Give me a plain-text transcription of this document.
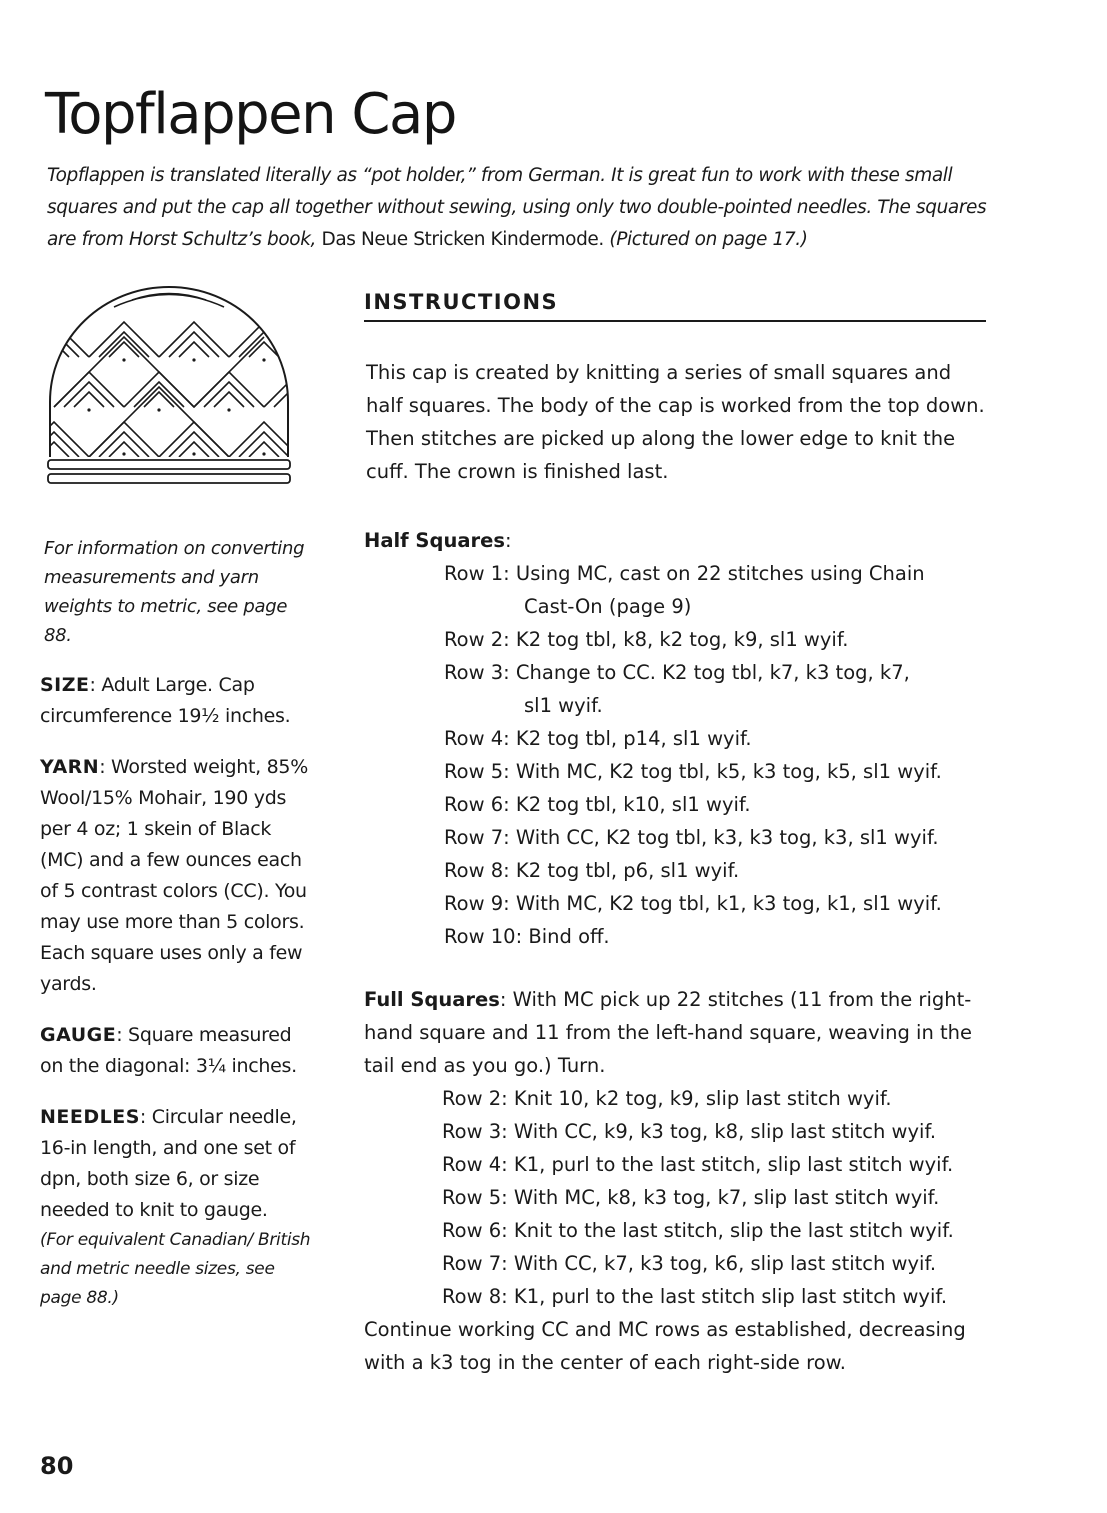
Topflappen Cap
Topflappen is translated literally as “pot holder,” from German. It is great fun to work with these small
squares and put the cap all together without sewing, using only two double-pointed needles. The squares
are from Horst Schultz’s book, Das Neue Stricken Kindermode. (Pictured on page 17.)
For information on converting measurements and yarn weights to metric, see page 88.

SIZE: Adult Large. Cap circumference 19½ inches.

YARN: Worsted weight, 85% Wool/15% Mohair, 190 yds per 4 oz; 1 skein of Black (MC) and a few ounces each of 5 contrast colors (CC). You may use more than 5 colors. Each square uses only a few yards.

GAUGE: Square measured on the diagonal: 3¼ inches.

NEEDLES: Circular needle, 16-in length, and one set of dpn, both size 6, or size needed to knit to gauge.
(For equivalent Canadian/ British and metric needle sizes, see page 88.)

80
INSTRUCTIONS

This cap is created by knitting a series of small squares and half squares. The body of the cap is worked from the top down. Then stitches are picked up along the lower edge to knit the cuff. The crown is finished last.

Half Squares:
Row 1: Using MC, cast on 22 stitches using Chain
Cast-On (page 9)
Row 2: K2 tog tbl, k8, k2 tog, k9, sl1 wyif.
Row 3: Change to CC. K2 tog tbl, k7, k3 tog, k7,
sl1 wyif.
Row 4: K2 tog tbl, p14, sl1 wyif.
Row 5: With MC, K2 tog tbl, k5, k3 tog, k5, sl1 wyif.
Row 6: K2 tog tbl, k10, sl1 wyif.
Row 7: With CC, K2 tog tbl, k3, k3 tog, k3, sl1 wyif.
Row 8: K2 tog tbl, p6, sl1 wyif.
Row 9: With MC, K2 tog tbl, k1, k3 tog, k1, sl1 wyif.
Row 10: Bind off.
Full Squares: With MC pick up 22 stitches (11 from the right-hand square and 11 from the left-hand square, weaving in the tail end as you go.) Turn.
Row 2: Knit 10, k2 tog, k9, slip last stitch wyif.
Row 3: With CC, k9, k3 tog, k8, slip last stitch wyif.
Row 4: K1, purl to the last stitch, slip last stitch wyif.
Row 5: With MC, k8, k3 tog, k7, slip last stitch wyif.
Row 6: Knit to the last stitch, slip the last stitch wyif.
Row 7: With CC, k7, k3 tog, k6, slip last stitch wyif.
Row 8: K1, purl to the last stitch slip last stitch wyif.
Continue working CC and MC rows as established, decreasing with a k3 tog in the center of each right-side row.
